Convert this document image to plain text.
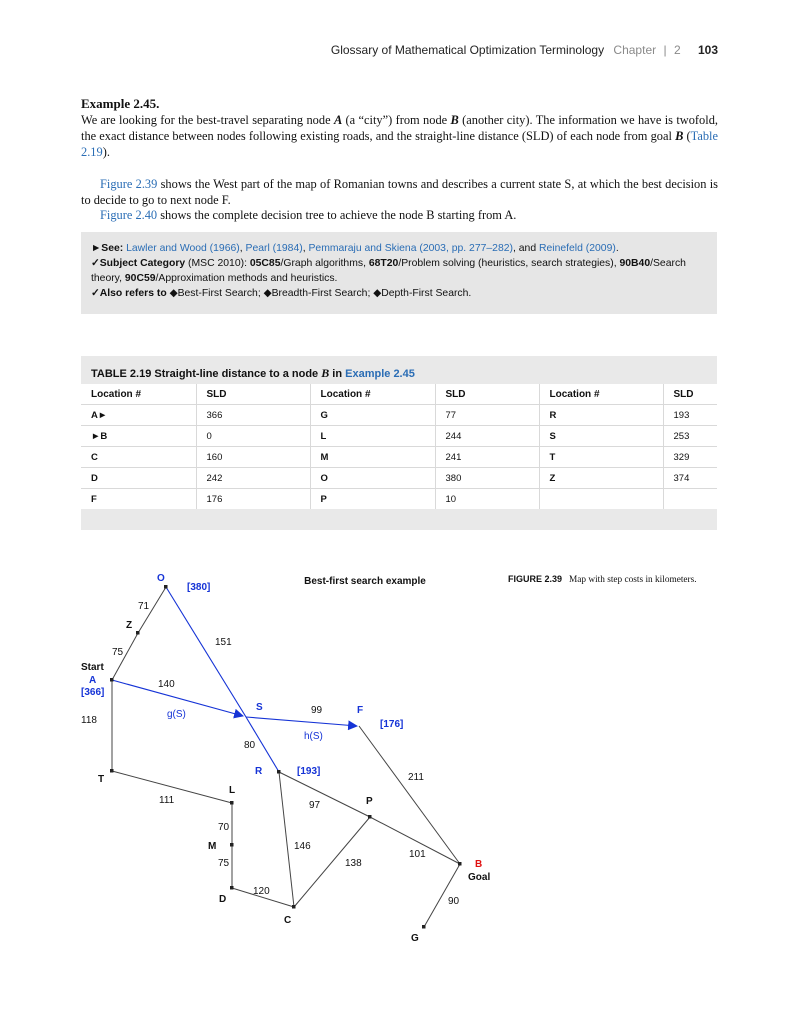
Glossary of Mathematical Optimization Terminology Chapter | 2 103
Example 2.45.
We are looking for the best-travel separating node A (a “city”) from node B (another city). The information we have is twofold, the exact distance between nodes following existing roads, and the straight-line distance (SLD) of each node from goal B (Table 2.19).
Figure 2.39 shows the West part of the map of Romanian towns and describes a current state S, at which the best decision is to decide to go to next node F.
Figure 2.40 shows the complete decision tree to achieve the node B starting from A.
►See: Lawler and Wood (1966), Pearl (1984), Pemmaraju and Skiena (2003, pp. 277–282), and Reinefeld (2009).
✓Subject Category (MSC 2010): 05C85/Graph algorithms, 68T20/Problem solving (heuristics, search strategies), 90B40/Search theory, 90C59/Approximation methods and heuristics.
✓Also refers to ◆Best-First Search; ◆Breadth-First Search; ◆Depth-First Search.
TABLE 2.19 Straight-line distance to a node B in Example 2.45
Location #	SLD	Location #	SLD	Location #	SLD
A►	366	G	77	R	193
►B	0	L	244	S	253
C	160	M	241	T	329
D	242	O	380	Z	374
F	176	P	10		
FIGURE 2.39 Map with step costs in kilometers.
Best-first search example
O
Z
Start
A
T
S	F
R
L
M
D
C
P
B
Goal
G
[380]
[366]
[176]
[193]
g(S)
h(S)
71
75
151
140
118
99
80
111
70
75
120
146
97
138
101
211
90
